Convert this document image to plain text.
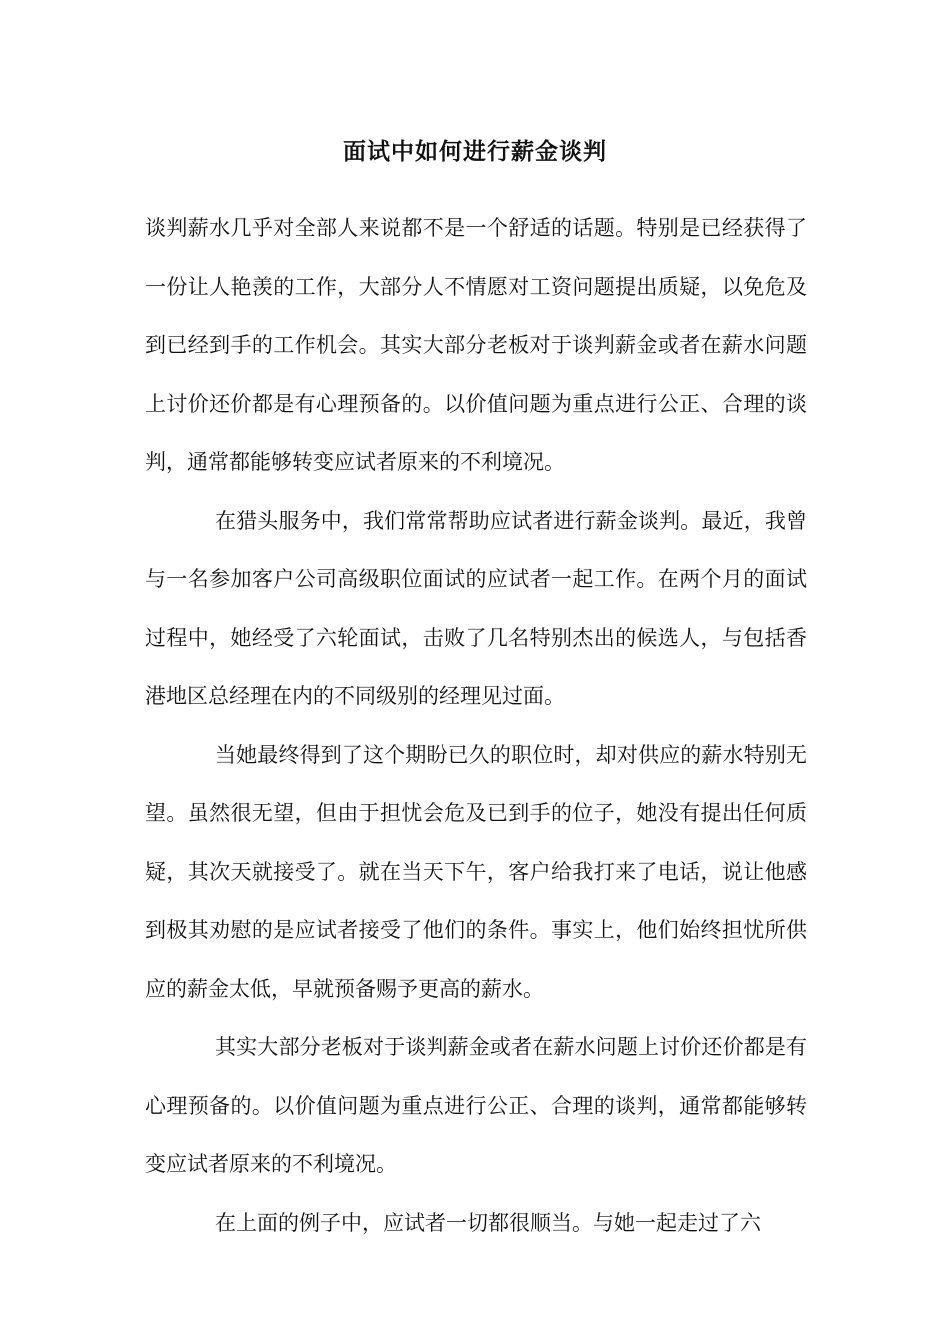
面试中如何进行薪金谈判

谈判薪水几乎对全部人来说都不是一个舒适的话题。特别是已经获得了一份让人艳羡的工作，大部分人不情愿对工资问题提出质疑，以免危及到已经到手的工作机会。其实大部分老板对于谈判薪金或者在薪水问题上讨价还价都是有心理预备的。以价值问题为重点进行公正、合理的谈判，通常都能够转变应试者原来的不利境况。

在猎头服务中，我们常常帮助应试者进行薪金谈判。最近，我曾与一名参加客户公司高级职位面试的应试者一起工作。在两个月的面试过程中，她经受了六轮面试，击败了几名特别杰出的候选人，与包括香港地区总经理在内的不同级别的经理见过面。

当她最终得到了这个期盼已久的职位时，却对供应的薪水特别无望。虽然很无望，但由于担忧会危及已到手的位子，她没有提出任何质疑，其次天就接受了。就在当天下午，客户给我打来了电话，说让他感到极其劝慰的是应试者接受了他们的条件。事实上，他们始终担忧所供应的薪金太低，早就预备赐予更高的薪水。

其实大部分老板对于谈判薪金或者在薪水问题上讨价还价都是有心理预备的。以价值问题为重点进行公正、合理的谈判，通常都能够转变应试者原来的不利境况。

在上面的例子中，应试者一切都很顺当。与她一起走过了六
